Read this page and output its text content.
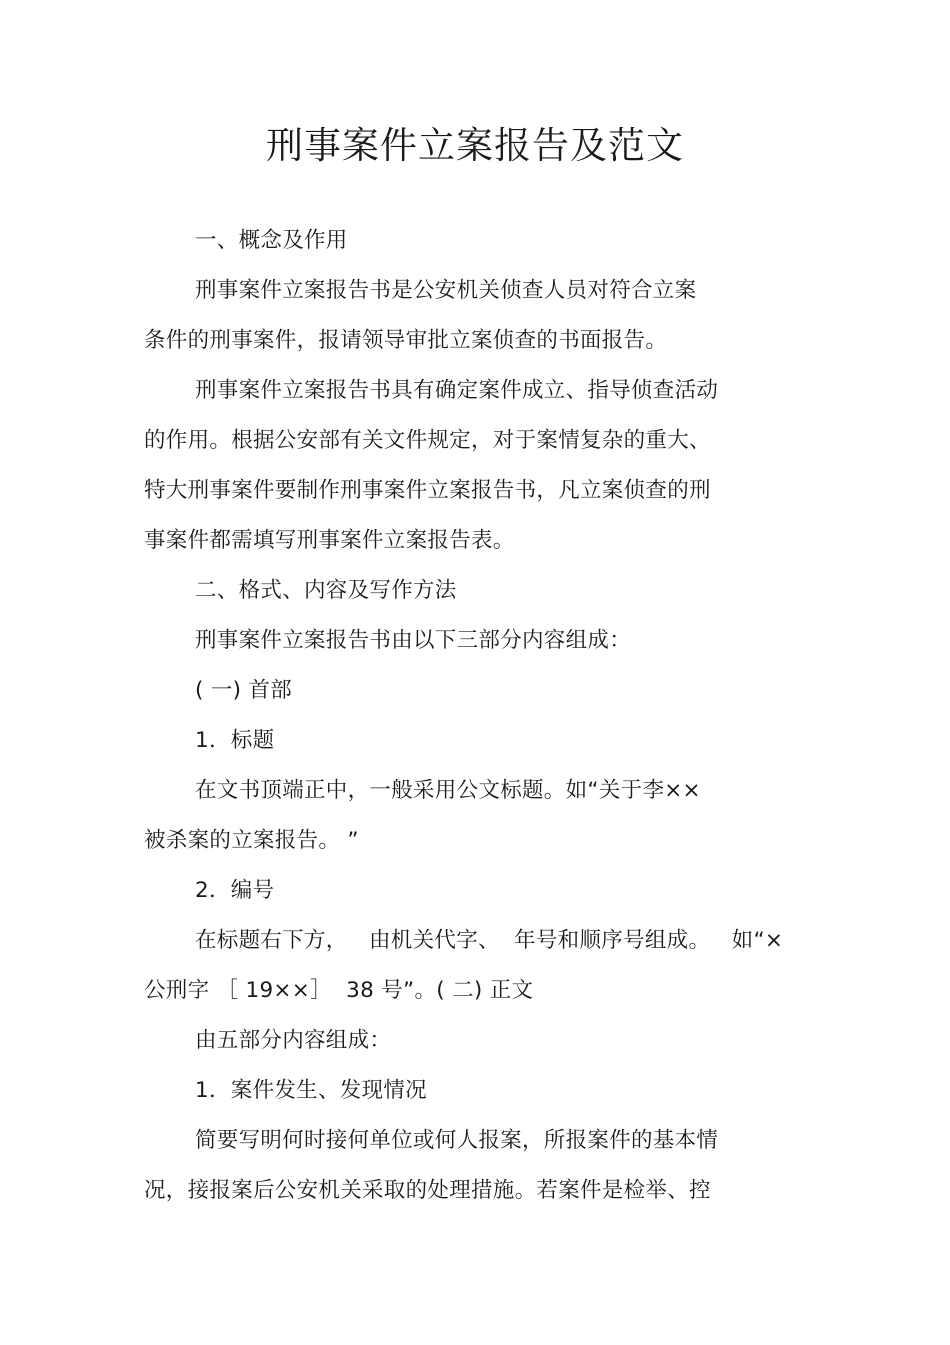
刑事案件立案报告及范文
一、概念及作用
刑事案件立案报告书是公安机关侦查人员对符合立案
条件的刑事案件，报请领导审批立案侦查的书面报告。
刑事案件立案报告书具有确定案件成立、指导侦查活动
的作用。根据公安部有关文件规定，对于案情复杂的重大、
特大刑事案件要制作刑事案件立案报告书，凡立案侦查的刑
事案件都需填写刑事案件立案报告表。
二、格式、内容及写作方法
刑事案件立案报告书由以下三部分内容组成：
( 一) 首部
1．标题
在文书顶端正中，一般采用公文标题。如“关于李××
被杀案的立案报告。 ”
2．编号
在标题右下方，   由机关代字、  年号和顺序号组成。   如“×
公刑字 ［ 19××］  38 号”。( 二) 正文
由五部分内容组成：
1．案件发生、发现情况
简要写明何时接何单位或何人报案，所报案件的基本情
况，接报案后公安机关采取的处理措施。若案件是检举、控
